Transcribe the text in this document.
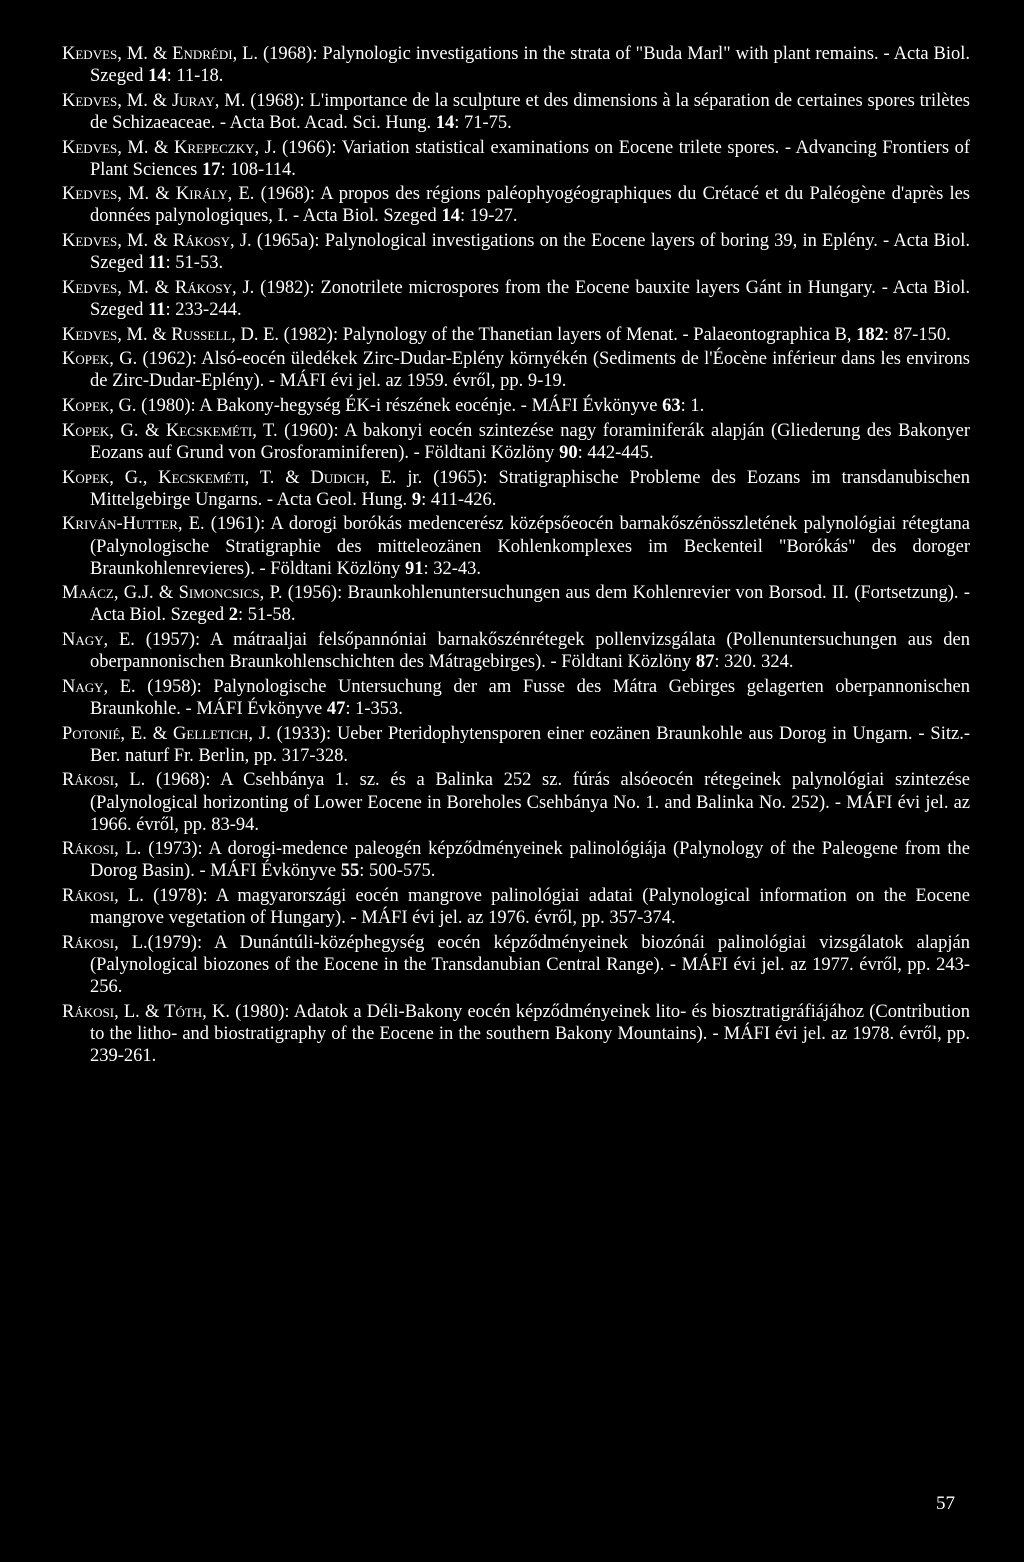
Kedves, M. & Endrédi, L. (1968): Palynologic investigations in the strata of "Buda Marl" with plant remains. - Acta Biol. Szeged 14: 11-18.
Kedves, M. & Juray, M. (1968): L'importance de la sculpture et des dimensions à la séparation de certaines spores trilètes de Schizaeaceae. - Acta Bot. Acad. Sci. Hung. 14: 71-75.
Kedves, M. & Krepeczky, J. (1966): Variation statistical examinations on Eocene trilete spores. - Advancing Frontiers of Plant Sciences 17: 108-114.
Kedves, M. & Király, E. (1968): A propos des régions paléophyogéographiques du Crétacé et du Paléogène d'après les données palynologiques, I. - Acta Biol. Szeged 14: 19-27.
Kedves, M. & Rákosy, J. (1965a): Palynological investigations on the Eocene layers of boring 39, in Eplény. - Acta Biol. Szeged 11: 51-53.
Kedves, M. & Rákosy, J. (1982): Zonotrilete microspores from the Eocene bauxite layers Gánt in Hungary. - Acta Biol. Szeged 11: 233-244.
Kedves, M. & Russell, D. E. (1982): Palynology of the Thanetian layers of Menat. - Palaeontographica B, 182: 87-150.
Kopek, G. (1962): Alsó-eocén üledékek Zirc-Dudar-Eplény környékén (Sediments de l'Éocène inférieur dans les environs de Zirc-Dudar-Eplény). - MÁFI évi jel. az 1959. évről, pp. 9-19.
Kopek, G. (1980): A Bakony-hegység ÉK-i részének eocénje. - MÁFI Évkönyve 63: 1.
Kopek, G. & Kecskeméti, T. (1960): A bakonyi eocén szintezése nagy foraminiferák alapján (Gliederung des Bakonyer Eozans auf Grund von Grosforaminiferen). - Földtani Közlöny 90: 442-445.
Kopek, G., Kecskeméti, T. & Dudich, E. jr. (1965): Stratigraphische Probleme des Eozans im transdanubischen Mittelgebirge Ungarns. - Acta Geol. Hung. 9: 411-426.
Kriván-Hutter, E. (1961): A dorogi borókás medencerész középsőeocén barnakőszénösszletének palynológiai rétegtana (Palynologische Stratigraphie des mitteleozänen Kohlenkomplexes im Beckenteil "Borókás" des doroger Braunkohlenrevieres). - Földtani Közlöny 91: 32-43.
Maácz, G.J. & Simoncsics, P. (1956): Braunkohlenuntersuchungen aus dem Kohlenrevier von Borsod. II. (Fortsetzung). - Acta Biol. Szeged 2: 51-58.
Nagy, E. (1957): A mátraaljai felsőpannóniai barnakőszénrétegek pollenvizsgálata (Pollenuntersuchungen aus den oberpannonischen Braunkohlenschichten des Mátragebirges). - Földtani Közlöny 87: 320. 324.
Nagy, E. (1958): Palynologische Untersuchung der am Fusse des Mátra Gebirges gelagerten oberpannonischen Braunkohle. - MÁFI Évkönyve 47: 1-353.
Potonié, E. & Gelletich, J. (1933): Ueber Pteridophytensporen einer eozänen Braunkohle aus Dorog in Ungarn. - Sitz.-Ber. naturf Fr. Berlin, pp. 317-328.
Rákosi, L. (1968): A Csehbánya 1. sz. és a Balinka 252 sz. fúrás alsóeocén rétegeinek palynológiai szintezése (Palynological horizonting of Lower Eocene in Boreholes Csehbánya No. 1. and Balinka No. 252). - MÁFI évi jel. az 1966. évről, pp. 83-94.
Rákosi, L. (1973): A dorogi-medence paleogén képződményeinek palinológiája (Palynology of the Paleogene from the Dorog Basin). - MÁFI Évkönyve 55: 500-575.
Rákosi, L. (1978): A magyarországi eocén mangrove palinológiai adatai (Palynological information on the Eocene mangrove vegetation of Hungary). - MÁFI évi jel. az 1976. évről, pp. 357-374.
Rákosi, L.(1979): A Dunántúli-középhegység eocén képződményeinek biozónái palinológiai vizsgálatok alapján (Palynological biozones of the Eocene in the Transdanubian Central Range). - MÁFI évi jel. az 1977. évről, pp. 243-256.
Rákosi, L. & Tóth, K. (1980): Adatok a Déli-Bakony eocén képződményeinek lito- és biosztratigráfiájához (Contribution to the litho- and biostratigraphy of the Eocene in the southern Bakony Mountains). - MÁFI évi jel. az 1978. évről, pp. 239-261.
57
